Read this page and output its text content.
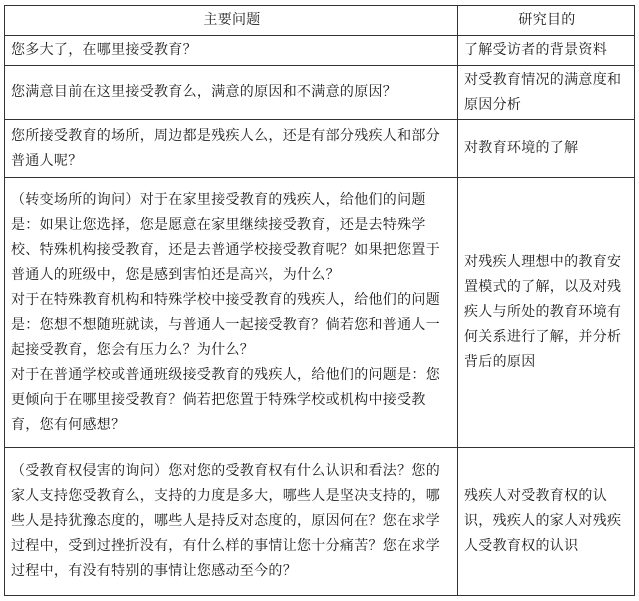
主要问题	研究目的

您多大了，在哪里接受教育？	了解受访者的背景资料

您满意目前在这里接受教育么，满意的原因和不满意的原因？	对受教育情况的满意度和原因分析

您所接受教育的场所，周边都是残疾人么，还是有部分残疾人和部分普通人呢？	对教育环境的了解

（转变场所的询问）对于在家里接受教育的残疾人，给他们的问题是：如果让您选择，您是愿意在家里继续接受教育，还是去特殊学校、特殊机构接受教育，还是去普通学校接受教育呢？如果把您置于普通人的班级中，您是感到害怕还是高兴，为什么？
对于在特殊教育机构和特殊学校中接受教育的残疾人，给他们的问题是：您想不想随班就读，与普通人一起接受教育？倘若您和普通人一起接受教育，您会有压力么？为什么？
对于在普通学校或普通班级接受教育的残疾人，给他们的问题是：您更倾向于在哪里接受教育？倘若把您置于特殊学校或机构中接受教育，您有何感想？	对残疾人理想中的教育安置模式的了解，以及对残疾人与所处的教育环境有何关系进行了解，并分析背后的原因

（受教育权侵害的询问）您对您的受教育权有什么认识和看法？您的家人支持您受教育么，支持的力度是多大，哪些人是坚决支持的，哪些人是持犹豫态度的，哪些人是持反对态度的，原因何在？您在求学过程中，受到过挫折没有，有什么样的事情让您十分痛苦？您在求学过程中，有没有特别的事情让您感动至今的？	残疾人对受教育权的认识，残疾人的家人对残疾人受教育权的认识
